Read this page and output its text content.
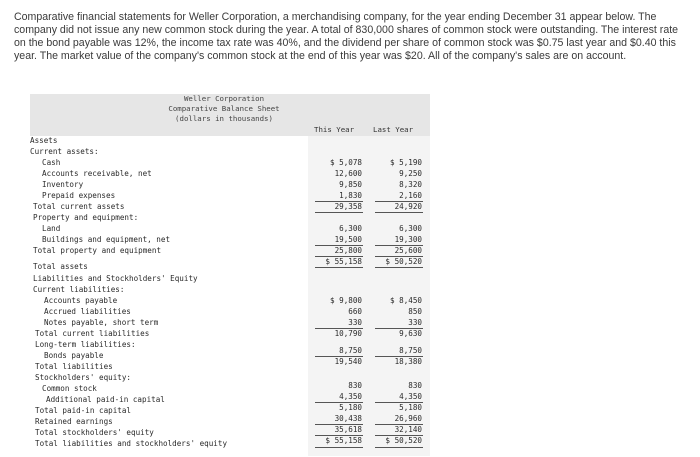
Comparative financial statements for Weller Corporation, a merchandising company, for the year ending December 31 appear below. The company did not issue any new common stock during the year. A total of 830,000 shares of common stock were outstanding. The interest rate on the bond payable was 12%, the income tax rate was 40%, and the dividend per share of common stock was $0.75 last year and $0.40 this year. The market value of the company's common stock at the end of this year was $20. All of the company's sales are on account.

Weller Corporation
Comparative Balance Sheet
(dollars in thousands)
This Year	Last Year
Assets
Current assets:
Cash
Accounts receivable, net
Inventory
Prepaid expenses
Total current assets
Property and equipment:
Land
Buildings and equipment, net
Total property and equipment
Total assets
Liabilities and Stockholders' Equity
Current liabilities:
Accounts payable
Accrued liabilities
Notes payable, short term
Total current liabilities
Long-term liabilities:
Bonds payable
Total liabilities
Stockholders' equity:
Common stock
Additional paid-in capital
Total paid-in capital
Retained earnings
Total stockholders' equity
Total liabilities and stockholders' equity
$ 5,078
12,600
9,850
1,830
29,358
6,300
19,500
25,800
$ 55,158
$ 9,800
660
330
10,790
8,750
19,540
830
4,350
5,180
30,438
35,618
$ 55,158
$ 5,190
9,250
8,320
2,160
24,920
6,300
19,300
25,600
$ 50,520
$ 8,450
850
330
9,630
8,750
18,380
830
4,350
5,180
26,960
32,140
$ 50,520
